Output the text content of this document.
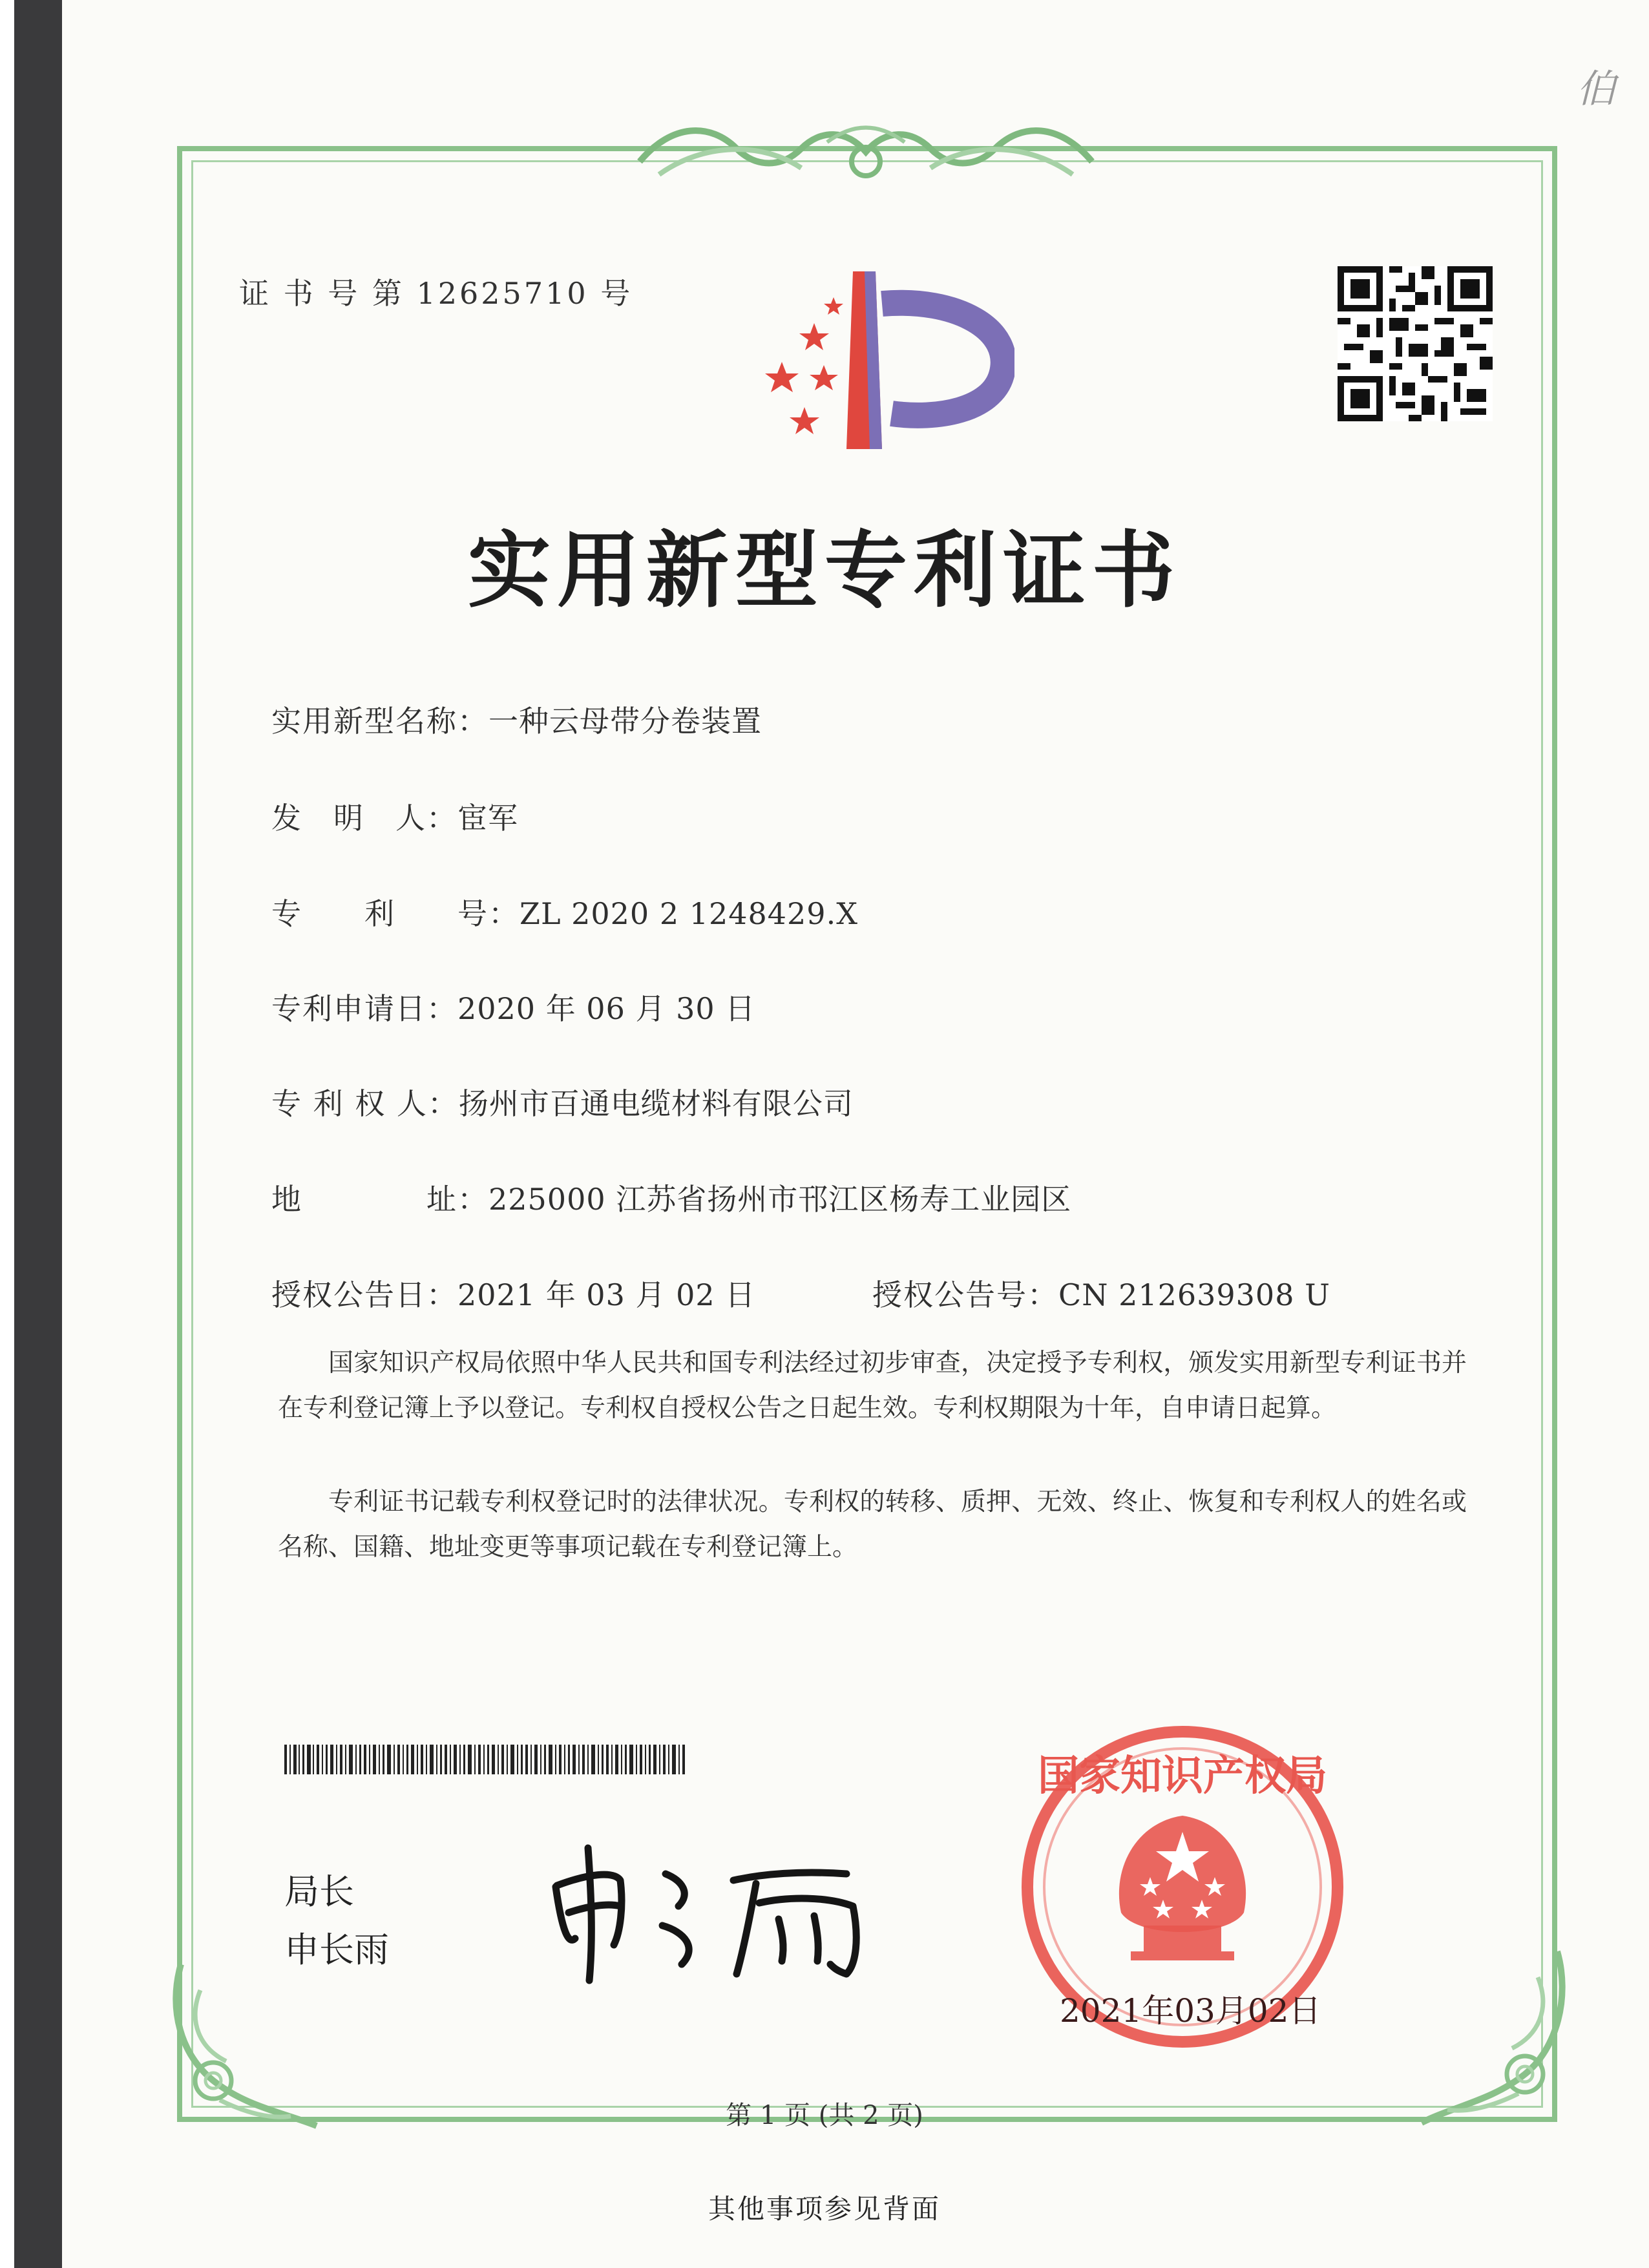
伯
证 书 号 第 12625710 号
实用新型专利证书
实用新型名称：一种云母带分卷装置
发　明　人：宦军
专　　利　　号：ZL 2020 2 1248429.X
专利申请日：2020 年 06 月 30 日
专 利 权 人：扬州市百通电缆材料有限公司
地　　　　址：225000 江苏省扬州市邗江区杨寿工业园区
授权公告日：2021 年 03 月 02 日	授权公告号：CN 212639308 U
国家知识产权局依照中华人民共和国专利法经过初步审查，决定授予专利权，颁发实用新型专利证书并在专利登记簿上予以登记。专利权自授权公告之日起生效。专利权期限为十年，自申请日起算。
专利证书记载专利权登记时的法律状况。专利权的转移、质押、无效、终止、恢复和专利权人的姓名或名称、国籍、地址变更等事项记载在专利登记簿上。
局长
申长雨
国家知识产权局
2021年03月02日
第 1 页 (共 2 页)
其他事项参见背面
